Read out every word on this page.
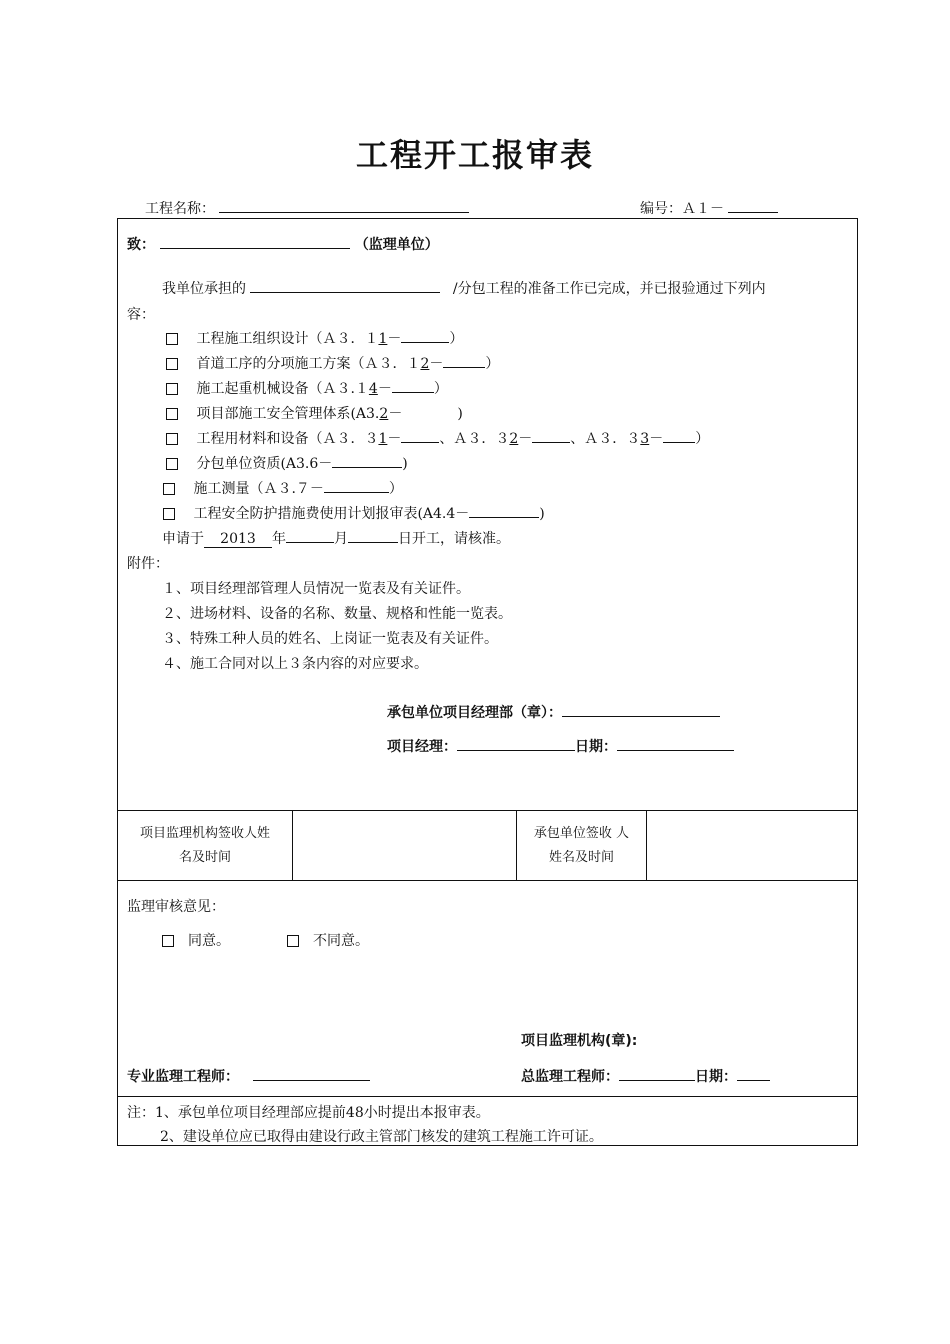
工程开工报审表
工程名称：	编号：Ａ１－
致：	（监理单位）
我单位承担的	/分包工程的准备工作已完成，并已报验通过下列内
容：
工程施工组织设计（Ａ３．１1－	）
首道工序的分项施工方案（Ａ３．１2－	）
施工起重机械设备（Ａ３.１4－	）
项目部施工安全管理体系(A3.2－	)
工程用材料和设备（Ａ３．３1－	、Ａ３．３2－	、Ａ３．３3－ ）
分包单位资质(A3.6－	)
施工测量（Ａ３.７－	）
工程安全防护措施费使用计划报审表(A4.4－	)
申请于 2013 年	月	日开工，请核准。
附件：
１、项目经理部管理人员情况一览表及有关证件。
２、进场材料、设备的名称、数量、规格和性能一览表。
３、特殊工种人员的姓名、上岗证一览表及有关证件。
４、施工合同对以上３条内容的对应要求。
承包单位项目经理部（章）：
项目经理：	日期：
项目监理机构签收人姓
名及时间
承包单位签收 人
姓名及时间
监理审核意见：
同意。	不同意。
项目监理机构(章):
专业监理工程师：	总监理工程师：	日期：
注：1、承包单位项目经理部应提前48小时提出本报审表。
2、建设单位应已取得由建设行政主管部门核发的建筑工程施工许可证。
